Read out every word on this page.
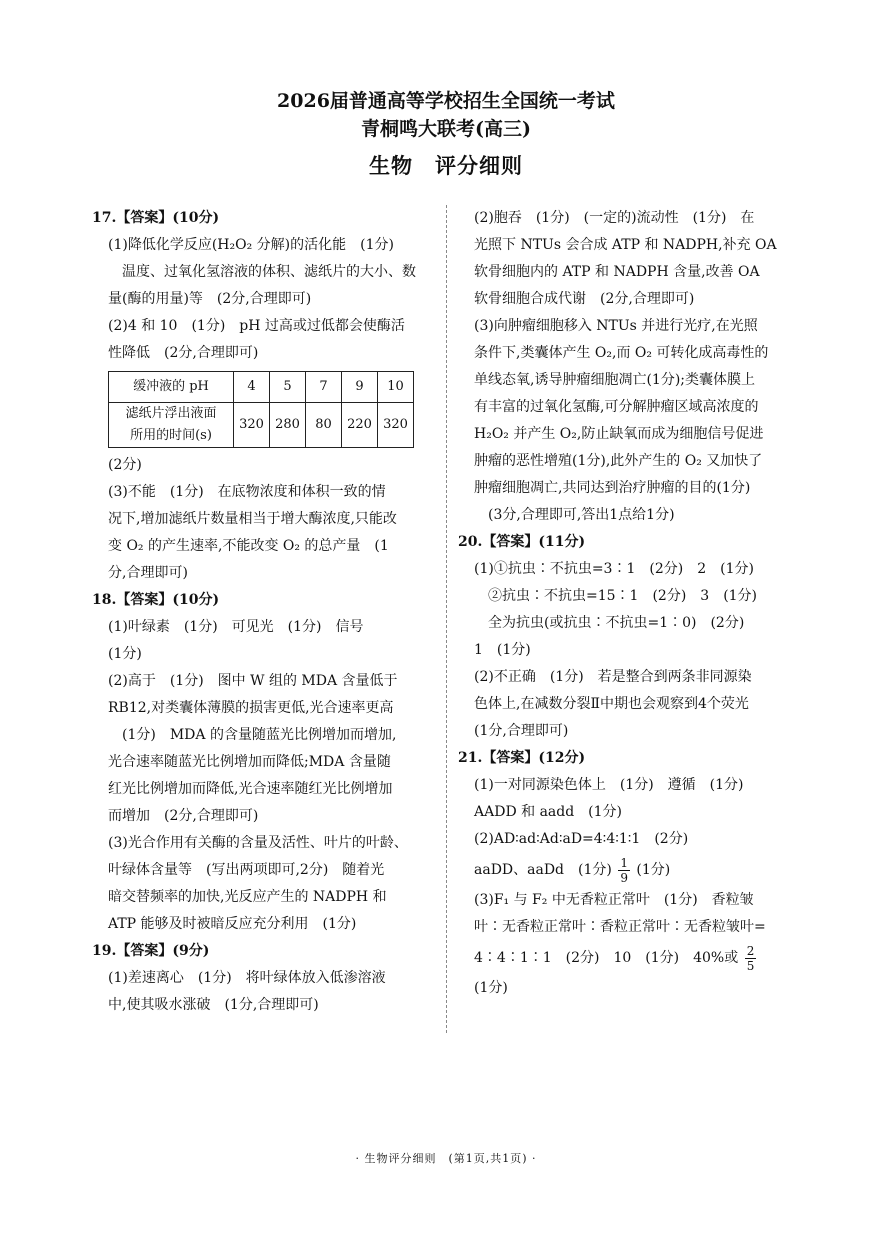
2026届普通高等学校招生全国统一考试
青桐鸣大联考(高三)
生物　评分细则

17.【答案】(10分)

(1)降低化学反应(H₂O₂ 分解)的活化能　(1分)

温度、过氧化氢溶液的体积、滤纸片的大小、数

量(酶的用量)等　(2分,合理即可)

(2)4 和 10　(1分)　pH 过高或过低都会使酶活

性降低　(2分,合理即可)

缓冲液的 pH	4	5	7	9	10
滤纸片浮出液面
所用的时间(s)	320	280	80	220	320

(2分)

(3)不能　(1分)　在底物浓度和体积一致的情

况下,增加滤纸片数量相当于增大酶浓度,只能改

变 O₂ 的产生速率,不能改变 O₂ 的总产量　(1

分,合理即可)

18.【答案】(10分)

(1)叶绿素　(1分)　可见光　(1分)　信号

(1分)

(2)高于　(1分)　图中 W 组的 MDA 含量低于

RB12,对类囊体薄膜的损害更低,光合速率更高

(1分)　MDA 的含量随蓝光比例增加而增加,

光合速率随蓝光比例增加而降低;MDA 含量随

红光比例增加而降低,光合速率随红光比例增加

而增加　(2分,合理即可)

(3)光合作用有关酶的含量及活性、叶片的叶龄、

叶绿体含量等　(写出两项即可,2分)　随着光

暗交替频率的加快,光反应产生的 NADPH 和

ATP 能够及时被暗反应充分利用　(1分)

19.【答案】(9分)

(1)差速离心　(1分)　将叶绿体放入低渗溶液

中,使其吸水涨破　(1分,合理即可)

(2)胞吞　(1分)　(一定的)流动性　(1分)　在

光照下 NTUs 会合成 ATP 和 NADPH,补充 OA

软骨细胞内的 ATP 和 NADPH 含量,改善 OA

软骨细胞合成代谢　(2分,合理即可)

(3)向肿瘤细胞移入 NTUs 并进行光疗,在光照

条件下,类囊体产生 O₂,而 O₂ 可转化成高毒性的

单线态氧,诱导肿瘤细胞凋亡(1分);类囊体膜上

有丰富的过氧化氢酶,可分解肿瘤区域高浓度的

H₂O₂ 并产生 O₂,防止缺氧而成为细胞信号促进

肿瘤的恶性增殖(1分),此外产生的 O₂ 又加快了

肿瘤细胞凋亡,共同达到治疗肿瘤的目的(1分)

(3分,合理即可,答出1点给1分)

20.【答案】(11分)

(1)①抗虫∶不抗虫=3∶1　(2分)　2　(1分)

②抗虫∶不抗虫=15∶1　(2分)　3　(1分)

全为抗虫(或抗虫∶不抗虫=1∶0)　(2分)

1　(1分)

(2)不正确　(1分)　若是整合到两条非同源染

色体上,在减数分裂Ⅱ中期也会观察到4个荧光

(1分,合理即可)

21.【答案】(12分)

(1)一对同源染色体上　(1分)　遵循　(1分)

AADD 和 aadd　(1分)

(2)AD∶ad∶Ad∶aD=4∶4∶1∶1　(2分)

aaDD、aaDd　(1分) $\frac{1}{9} (1$分)

(3)F₁ 与 F₂ 中无香粒正常叶　(1分)　香粒皱

叶∶无香粒正常叶∶香粒正常叶∶无香粒皱叶=

4∶4∶1∶1　(2分)　10　(1分)　40%或 $\frac{2}{5}$

(1分)

· 生物评分细则　(第1页,共1页) ·
